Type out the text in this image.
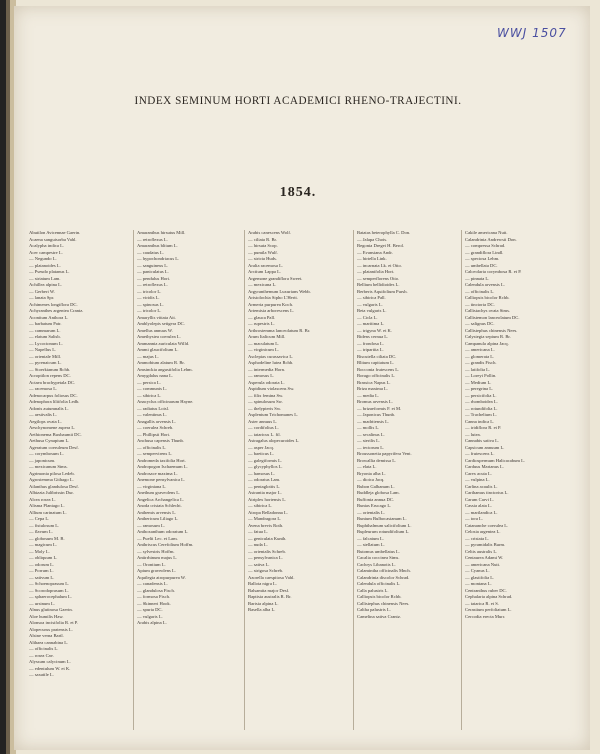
WWJ 1507
INDEX SEMINUM HORTI ACADEMICI RHENO-TRAJECTINI.
1854.
Abutilon Avicennae Gaertn.
Acaena sanguisorba Vahl.
Acalypha indica L.
Acer campestre L.
— Negundo L.
— platanoides L.
— Pseudo platanus L.
— striatum Lam.
Achillea alpina L.
— Gerberi W.
— lanata Spr.
Achimenes longiflora DC.
Achyranthes argentea Crantz.
Aconitum Anthora L.
— barbatum Patr.
— cammarum L.
— elatum Salisb.
— Lycoctonum L.
— Napellus L.
— orientale Mill.
— pyrenaicum L.
— Stoerkianum Rchb.
Acroptilon repens DC.
Actaea brachypetala DC.
— racemosa L.
Adenocarpus foliosus DC.
Adenophora liliifolia Ledb.
Adonis autumnalis L.
— aestivalis L.
Aegilops ovata L.
Aeschynomene aspera L.
Aethionema Buxbaumii DC.
Aethusa Cynapium L.
Ageratum coeruleum Desf.
— corymbosum L.
— japonicum.
— mexicanum Sims.
Agrimonia pilosa Ledeb.
Agrostemma Githago L.
Ailanthus glandulosa Desf.
Albizzia Julibrissin Dur.
Alcea rosea L.
Alisma Plantago L.
Allium carinatum L.
— Cepa L.
— fistulosum L.
— flavum L.
— globosum M. B.
— magicum L.
— Moly L.
— obliquum L.
— odorum L.
— Porrum L.
— sativum L.
— Schoenoprasum L.
— Scorodoprasum L.
— sphaerocephalum L.
— ursinum L.
Alnus glutinosa Gaertn.
Aloe humilis Haw.
Alonsoa incisifolia R. et P.
Alopecurus pratensis L.
Alsine verna Bartl.
Althaea cannabina L.
— officinalis L.
— rosea Cav.
Alyssum calycinum L.
— edentulum W. et K.
— saxatile L.
Amaranthus hirsutus Mill.
— retroflexus L.
Amaranthus blitum L.
— caudatus L.
— hypochondriacus L.
— sanguineus L.
— paniculatus L.
— pendulus Hort.
— retroflexus L.
— tricolor L.
— viridis L.
— spinosus L.
— tricolor L.
Amaryllis vittata Ait.
Amblyolepis setigera DC.
Amellus annuus W.
Amethystea coerulea L.
Ammannia auriculata Willd.
Ammi glaucifolium L.
— majus L.
Ammobium alatum R. Br.
Amsinckia angustifolia Lehm.
Amygdalus nana L.
— persica L.
— communis L.
— sibirica L.
Anacyclus officinarum Hayne.
— radiatus Loisl.
— valentinus L.
Anagallis arvensis L.
— coerulea Schreb.
— Phillipsii Hort.
Anchusa capensis Thunb.
— officinalis L.
— sempervirens L.
Andromeda taxifolia Hort.
Andropogon Ischaemum L.
Androsace maxima L.
Anemone pensylvanica L.
— virginiana L.
Anethum graveolens L.
Angelica Archangelica L.
Anoda cristata Schlecht.
Anthemis arvensis L.
Anthericum Liliago L.
— ramosum L.
Anthoxanthum odoratum L.
— Puelii Lec. et Lam.
Anthriscus Cerefolium Hoffm.
— sylvestris Hoffm.
Antirrhinum majus L.
— Orontium L.
Apium graveolens L.
Aquilegia atropurpurea W.
— canadensis L.
— glandulosa Fisch.
— formosa Fisch.
— Skinneri Hook.
— spuria DC.
— vulgaris L.
Arabis alpina L.
Arabis canescens Wolf.
— ciliata R. Br.
— hirsuta Scop.
— pumila Wulf.
— stricta Huds.
Aralia racemosa L.
Arctium Lappa L.
Argemone grandiflora Sweet.
— mexicana L.
Argyranthemum Luxurians Webb.
Aristolochia Sipho L'Herit.
Armeria purpurea Koch.
Artemisia arborescens L.
— glauca Pall.
— rupestris L.
Arthrostemma lanceolatum R. Br.
Arum Italicum Mill.
— maculatum L.
— virginicum L.
Asclepias curassavica L.
Asphodeline lutea Rchb.
— intermedia Horn.
— ramosus L.
Asperula odorata L.
Aspidium violascens Sw.
— filix femina Sw.
— spinulosum Sw.
— thelypteris Sw.
Asplenium Trichomanes L.
Aster annuus L.
— cordifolius L.
— tataricus L. fil.
Astragalus alopecuroides L.
— asper Jacq.
— baeticus L.
— galegiformis L.
— glycyphyllos L.
— hamosus L.
— odoratus Lam.
— pentaglottis L.
Astrantia major L.
Atriplex hortensis L.
— sibirica L.
Atropa Belladonna L.
— Mandragora L.
Avena brevis Roth.
— fatua L.
— geniculata Kunth.
— nuda L.
— orientalis Schreb.
— pensylvanica L.
— sativa L.
— strigosa Schreb.
Azorella caespitosa Vahl.
Ballota nigra L.
Balsamita major Desf.
Baptisia australis R. Br.
Bartsia alpina L.
Basella alba L.
Batatas heterophylla C. Don.
— Jalapa Chois.
Begonia Dregei H. Berol.
— Evansiana Andr.
— hirtella Link.
— incarnata Lk. et Otto.
— platanifolia Hort.
— semperflorens Otto.
Bellium bellidioides L.
Berberis Aquifolium Pursh.
— sibirica Pall.
— vulgaris L.
Beta vulgaris L.
— Cicla L.
— maritima L.
— trigyna W. et K.
Bidens cernua L.
— frondosa L.
— tripartita L.
Biscutella ciliata DC.
Blitum capitatum L.
Bocconia frutescens L.
Borago officinalis L.
Brassica Napus L.
Briza maxima L.
— media L.
Bromus arvensis L.
— brizaeformis F. et M.
— Japonicus Thunb.
— madritensis L.
— mollis L.
— secalinus L.
— sterilis L.
— tectorum L.
Broussonetia papyrifera Vent.
Browallia demissa L.
— elata L.
Bryonia alba L.
— dioica Jacq.
Bubon Galbanum L.
Buddleja globosa Lam.
Buffonia annua DC.
Bunias Erucago L.
— orientalis L.
Bunium Bulbocastanum L.
Buphthalmum salicifolium L.
Bupleurum rotundifolium L.
— falcatum L.
— stellatum L.
Butomus umbellatus L.
Cacalia coccinea Sims.
Cachrys Libanotis L.
Calamintha officinalis Mnch.
Calandrinia discolor Schrad.
Calendula officinalis L.
Calla palustris L.
Calliopsis bicolor Rchb.
Callistephus chinensis Nees.
Caltha palustris L.
Camelina sativa Crantz.
Cakile americana Nutt.
Calandrinia Andrewsii Don.
— compressa Schrad.
— grandiflora Lindl.
— speciosa Lehm.
— umbellata DC.
Calceolaria corymbosa R. et P.
— pinnata L.
Calendula arvensis L.
— officinalis L.
Calliopsis bicolor Rchb.
— tinctoria DC.
Callistachys ovata Sims.
Callistemon lanceolatum DC.
— salignus DC.
Callistephus chinensis Nees.
Calystegia sepium R. Br.
Campanula alpina Jacq.
— americana L.
— glomerata L.
— grandis Fisch.
— latifolia L.
— Loreyi Pollin.
— Medium L.
— peregrina L.
— persicifolia L.
— rhomboidea L.
— rotundifolia L.
— Trachelium L.
Canna indica L.
— iridiflora R. et P.
— lutea.
Cannabis sativa L.
Capsicum annuum L.
— frutescens L.
Cardiospermum Halicacabum L.
Carduus Marianus L.
Carex acuta L.
— vulpina L.
Carlina acaulis L.
Carthamus tinctorius L.
Carum Carvi L.
Cassia alata L.
— marilandica L.
— tora L.
Catananche coerulea L.
Celosia argentea L.
— cristata L.
— pyramidalis Burm.
Celtis australis L.
Centaurea Adami W.
— americana Nutt.
— Cyanus L.
— glastifolia L.
— montana L.
Centranthus ruber DC.
Cephalaria alpina Schrad.
— tatarica R. et S.
Cerastium perfoliatum L.
Cercodia erecta Murr.
